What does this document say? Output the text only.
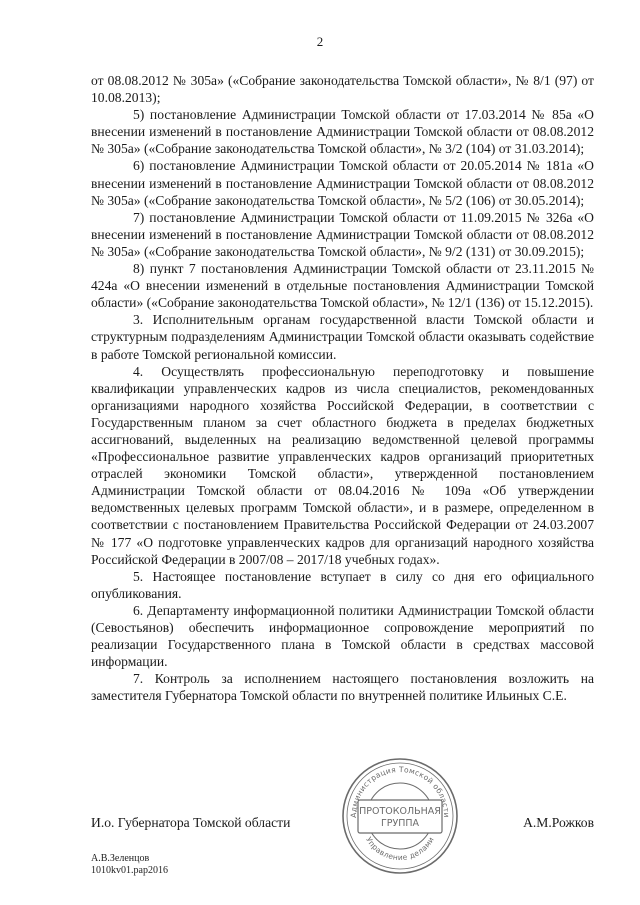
2

от 08.08.2012 № 305а» («Собрание законодательства Томской области», № 8/1 (97) от 10.08.2013);

5) постановление Администрации Томской области от 17.03.2014 № 85а «О внесении изменений в постановление Администрации Томской области от 08.08.2012 № 305а» («Собрание законодательства Томской области», № 3/2 (104) от 31.03.2014);

6) постановление Администрации Томской области от 20.05.2014 № 181а «О внесении изменений в постановление Администрации Томской области от 08.08.2012 № 305а» («Собрание законодательства Томской области», № 5/2 (106) от 30.05.2014);

7) постановление Администрации Томской области от 11.09.2015 № 326а «О внесении изменений в постановление Администрации Томской области от 08.08.2012 № 305а» («Собрание законодательства Томской области», № 9/2 (131) от 30.09.2015);

8) пункт 7 постановления Администрации Томской области от 23.11.2015 № 424а «О внесении изменений в отдельные постановления Администрации Томской области» («Собрание законодательства Томской области», № 12/1 (136) от 15.12.2015).

3. Исполнительным органам государственной власти Томской области и структурным подразделениям Администрации Томской области оказывать содействие в работе Томской региональной комиссии.

4. Осуществлять профессиональную переподготовку и повышение квалификации управленческих кадров из числа специалистов, рекомендованных организациями народного хозяйства Российской Федерации, в соответствии с Государственным планом за счет областного бюджета в пределах бюджетных ассигнований, выделенных на реализацию ведомственной целевой программы «Профессиональное развитие управленческих кадров организаций приоритетных отраслей экономики Томской области», утвержденной постановлением Администрации Томской области от 08.04.2016 № 109а «Об утверждении ведомственных целевых программ Томской области», и в размере, определенном в соответствии с постановлением Правительства Российской Федерации от 24.03.2007 № 177 «О подготовке управленческих кадров для организаций народного хозяйства Российской Федерации в 2007/08 – 2017/18 учебных годах».

5. Настоящее постановление вступает в силу со дня его официального опубликования.

6. Департаменту информационной политики Администрации Томской области (Севостьянов) обеспечить информационное сопровождение мероприятий по реализации Государственного плана в Томской области в средствах массовой информации.

7. Контроль за исполнением настоящего постановления возложить на заместителя Губернатора Томской области по внутренней политике Ильиных С.Е.

И.о. Губернатора Томской области	А.М.Рожков
А.В.Зеленцов
1010kv01.pap2016
Администрация Томской области
Управление делами
ПРОТОКОЛЬНАЯ
ГРУППА
